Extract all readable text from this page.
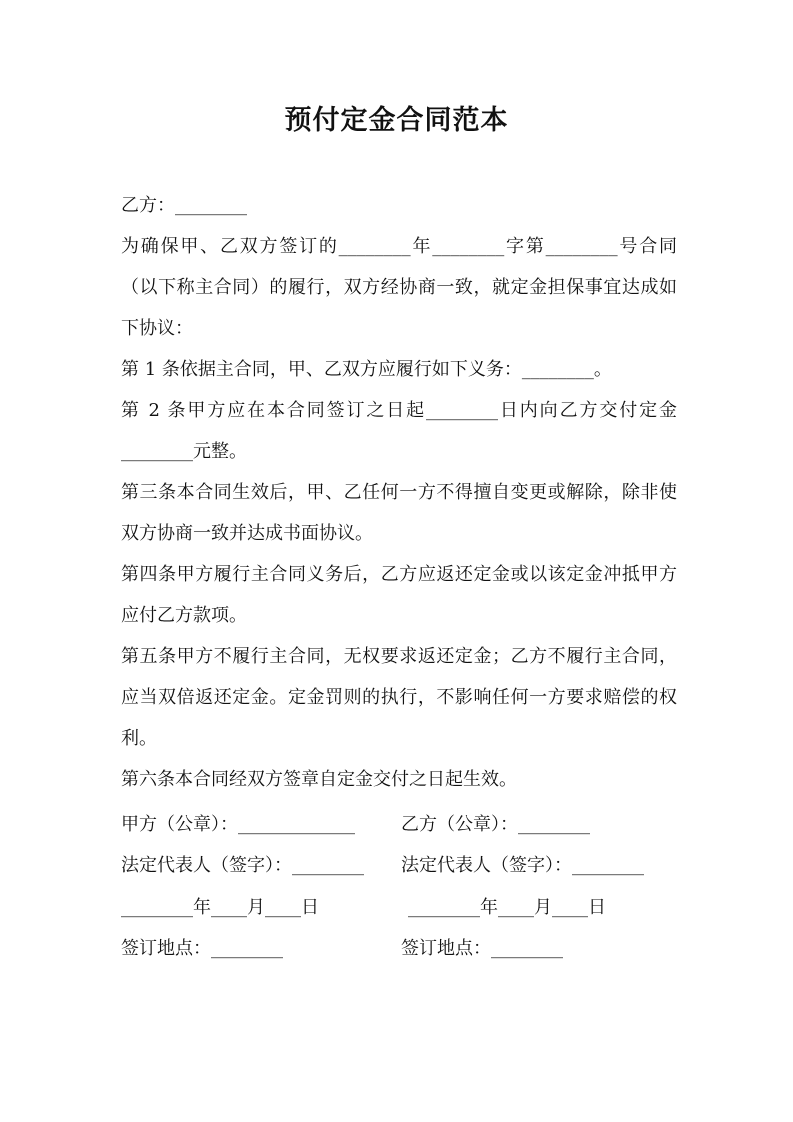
预付定金合同范本

乙方：________

为确保甲、乙双方签订的________年________字第________号合同（以下称主合同）的履行，双方经协商一致，就定金担保事宜达成如下协议：

第 1 条依据主合同，甲、乙双方应履行如下义务：________。

第 2 条甲方应在本合同签订之日起________日内向乙方交付定金________元整。

第三条本合同生效后，甲、乙任何一方不得擅自变更或解除，除非使双方协商一致并达成书面协议。

第四条甲方履行主合同义务后，乙方应返还定金或以该定金冲抵甲方应付乙方款项。

第五条甲方不履行主合同，无权要求返还定金；乙方不履行主合同，应当双倍返还定金。定金罚则的执行，不影响任何一方要求赔偿的权利。

第六条本合同经双方签章自定金交付之日起生效。

甲方（公章）：_____________	乙方（公章）：________
法定代表人（签字）：________ 法定代表人（签字）：________
________年____月____日	________年____月____日
签订地点：________	签订地点：________
